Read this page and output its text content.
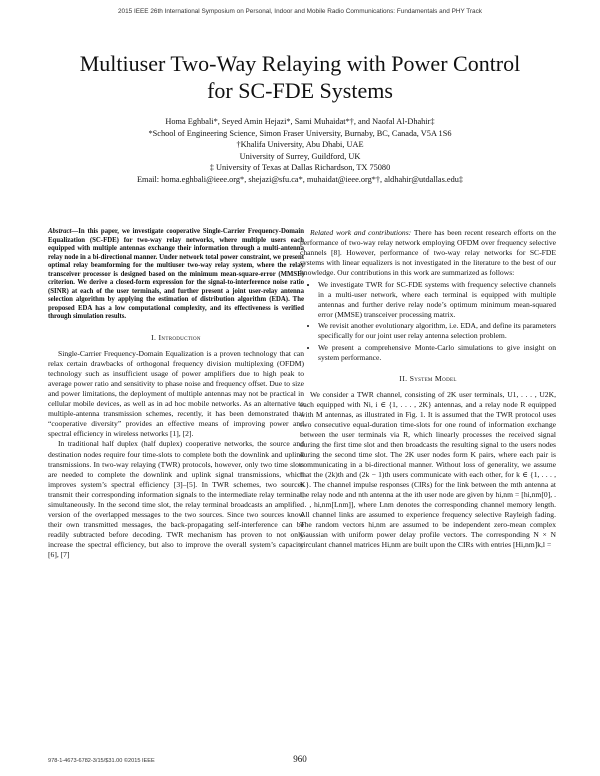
2015 IEEE 26th International Symposium on Personal, Indoor and Mobile Radio Communications: Fundamentals and PHY Track
Multiuser Two-Way Relaying with Power Control
for SC-FDE Systems
Homa Eghbali*, Seyed Amin Hejazi*, Sami Muhaidat*†, and Naofal Al-Dhahir‡
*School of Engineering Science, Simon Fraser University, Burnaby, BC, Canada, V5A 1S6
†Khalifa University, Abu Dhabi, UAE
University of Surrey, Guildford, UK
‡ University of Texas at Dallas Richardson, TX 75080
Email: homa.eghbali@ieee.org*, shejazi@sfu.ca*, muhaidat@ieee.org*†, aldhahir@utdallas.edu‡
Abstract—In this paper, we investigate cooperative Single-Carrier Frequency-Domain Equalization (SC-FDE) for two-way relay networks, where multiple users each equipped with multiple antennas exchange their information through a multi-antenna relay node in a bi-directional manner. Under network total power constraint, we present optimal relay beamforming for the multiuser two-way relay system, where the relay transceiver processor is designed based on the minimum mean-square-error (MMSE) criterion. We derive a closed-form expression for the signal-to-interference noise ratio (SINR) at each of the user terminals, and further present a joint user-relay antenna selection algorithm by applying the estimation of distribution algorithm (EDA). The proposed EDA has a low computational complexity, and its effectiveness is verified through simulation results.
I. Introduction

Single-Carrier Frequency-Domain Equalization is a proven technology that can relax certain drawbacks of orthogonal frequency division multiplexing (OFDM) technology such as insufficient usage of power amplifiers due to high peak to average power ratio and sensitivity to phase noise and frequency offset. Due to size and power limitations, the deployment of multiple antennas may not be practical in cellular mobile devices, as well as in ad hoc mobile networks. As an alternative to multiple-antenna transmission schemes, recently, it has been demonstrated that “cooperative diversity” provides an effective means of improving power and spectral efficiency in wireless networks [1], [2].

In traditional half duplex (half duplex) cooperative networks, the source and destination nodes require four time-slots to complete both the downlink and uplink transmissions. In two-way relaying (TWR) protocols, however, only two time slots are needed to complete the downlink and uplink signal transmissions, which improves system’s spectral efficiency [3]–[5]. In TWR schemes, two sources transmit their corresponding information signals to the intermediate relay terminal, simultaneously. In the second time slot, the relay terminal broadcasts an amplified version of the overlapped messages to the two sources. Since two sources know their own transmitted messages, the back-propagating self-interference can be readily subtracted before decoding. TWR mechanism has proven to not only increase the spectral efficiency, but also to improve the overall system’s capacity [6], [7]

Related work and contributions: There has been recent research efforts on the performance of two-way relay network employing OFDM over frequency selective channels [8]. However, performance of two-way relay networks for SC-FDE systems with linear equalizers is not investigated in the literature to the best of our knowledge. Our contributions in this work are summarized as follows:

• We investigate TWR for SC-FDE systems with frequency selective channels in a multi-user network, where each terminal is equipped with multiple antennas and further derive relay node’s optimum minimum mean-squared error (MMSE) transceiver processing matrix.
• We revisit another evolutionary algorithm, i.e. EDA, and define its parameters specifically for our joint user relay antenna selection problem.
• We present a comprehensive Monte-Carlo simulations to give insight on system performance.
II. System Model

We consider a TWR channel, consisting of 2K user terminals, U1, . . . , U2K, each equipped with Ni, i ∈ {1, . . . , 2K} antennas, and a relay node R equipped with M antennas, as illustrated in Fig. 1. It is assumed that the TWR protocol uses two consecutive equal-duration time-slots for one round of information exchange between the user terminals via R, which linearly processes the received signal during the first time slot and then broadcasts the resulting signal to the users nodes during the second time slot. The 2K user nodes form K pairs, where each pair is communicating in a bi-directional manner. Without loss of generality, we assume that the (2k)th and (2k − 1)th users communicate with each other, for k ∈ {1, . . . , K}. The channel impulse responses (CIRs) for the link between the mth antenna at the relay node and nth antenna at the ith user node are given by hi,nm = [hi,nm[0], . . . , hi,nm[Lnm]], where Lnm denotes the corresponding channel memory length. All channel links are assumed to experience frequency selective Rayleigh fading. The random vectors hi,nm are assumed to be independent zero-mean complex Gaussian with uniform power delay profile vectors. The corresponding N × N circulant channel matrices Hi,nm are built upon the CIRs with entries [Hi,nm]k,l =

978-1-4673-6782-3/15/$31.00 ©2015 IEEE	960
